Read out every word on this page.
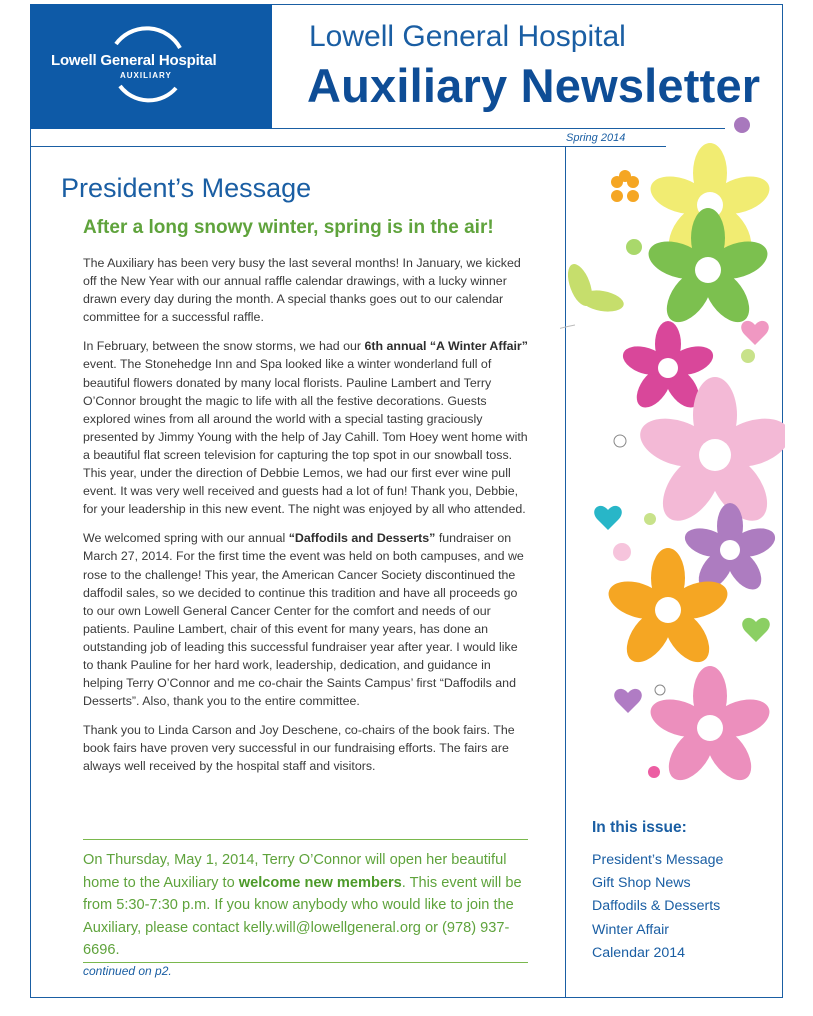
Lowell General Hospital
AUXILIARY
Lowell General Hospital
Auxiliary Newsletter
Spring 2014
President’s Message
After a long snowy winter, spring is in the air!

The Auxiliary has been very busy the last several months! In January, we kicked off the New Year with our annual raffle calendar drawings, with a lucky winner drawn every day during the month. A special thanks goes out to our calendar committee for a successful raffle.

In February, between the snow storms, we had our 6th annual “A Winter Affair” event. The Stonehedge Inn and Spa looked like a winter wonderland full of beautiful flowers donated by many local florists. Pauline Lambert and Terry O’Connor brought the magic to life with all the festive decorations. Guests explored wines from all around the world with a special tasting graciously presented by Jimmy Young with the help of Jay Cahill. Tom Hoey went home with a beautiful flat screen television for capturing the top spot in our snowball toss. This year, under the direction of Debbie Lemos, we had our first ever wine pull event. It was very well received and guests had a lot of fun! Thank you, Debbie, for your leadership in this new event. The night was enjoyed by all who attended.

We welcomed spring with our annual “Daffodils and Desserts” fundraiser on March 27, 2014. For the first time the event was held on both campuses, and we rose to the challenge! This year, the American Cancer Society discontinued the daffodil sales, so we decided to continue this tradition and have all proceeds go to our own Lowell General Cancer Center for the comfort and needs of our patients. Pauline Lambert, chair of this event for many years, has done an outstanding job of leading this successful fundraiser year after year. I would like to thank Pauline for her hard work, leadership, dedication, and guidance in helping Terry O’Connor and me co-chair the Saints Campus’ first “Daffodils and Desserts”. Also, thank you to the entire committee.

Thank you to Linda Carson and Joy Deschene, co-chairs of the book fairs. The book fairs have proven very successful in our fundraising efforts. The fairs are always well received by the hospital staff and visitors.

On Thursday, May 1, 2014, Terry O’Connor will open her beautiful home to the Auxiliary to welcome new members. This event will be from 5:30-7:30 p.m. If you know anybody who would like to join the Auxiliary, please contact kelly.will@lowellgeneral.org or (978) 937-6696.
continued on p2.
In this issue:
President’s Message
Gift Shop News
Daffodils & Desserts
Winter Affair
Calendar 2014
